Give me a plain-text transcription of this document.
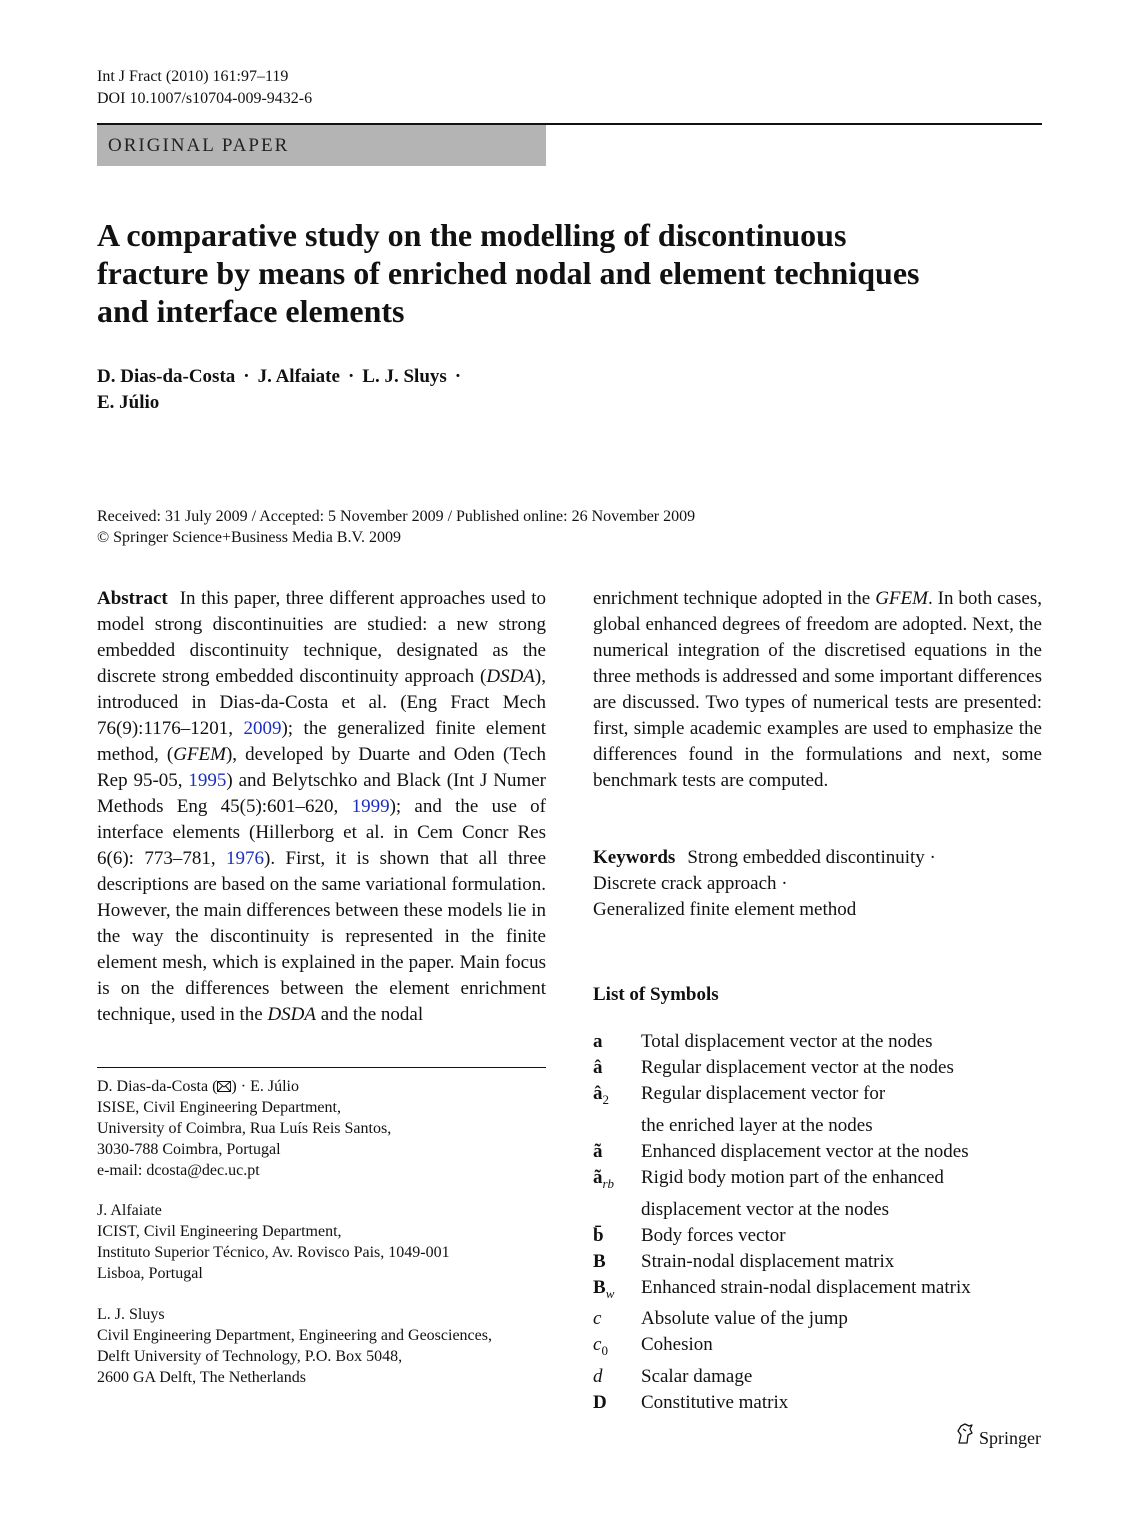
Int J Fract (2010) 161:97–119
DOI 10.1007/s10704-009-9432-6
ORIGINAL PAPER
A comparative study on the modelling of discontinuous
fracture by means of enriched nodal and element techniques
and interface elements
D. Dias-da-Costa · J. Alfaiate · L. J. Sluys ·
E. Júlio
Received: 31 July 2009 / Accepted: 5 November 2009 / Published online: 26 November 2009
© Springer Science+Business Media B.V. 2009
Abstract In this paper, three different approaches used to model strong discontinuities are studied: a new strong embedded discontinuity technique, designated as the discrete strong embedded discontinuity approach (DSDA), introduced in Dias-da-Costa et al. (Eng Fract Mech 76(9):1176–1201, 2009); the generalized finite element method, (GFEM), developed by Duarte and Oden (Tech Rep 95-05, 1995) and Belytschko and Black (Int J Numer Methods Eng 45(5):601–620, 1999); and the use of interface elements (Hillerborg et al. in Cem Concr Res 6(6): 773–781, 1976). First, it is shown that all three descriptions are based on the same variational formulation. However, the main differences between these models lie in the way the discontinuity is represented in the finite element mesh, which is explained in the paper. Main focus is on the differences between the element enrichment technique, used in the DSDA and the nodal
D. Dias-da-Costa ( ) · E. Júlio
ISISE, Civil Engineering Department,
University of Coimbra, Rua Luís Reis Santos,
3030-788 Coimbra, Portugal
e-mail: dcosta@dec.uc.pt
J. Alfaiate
ICIST, Civil Engineering Department,
Instituto Superior Técnico, Av. Rovisco Pais, 1049-001
Lisboa, Portugal
L. J. Sluys
Civil Engineering Department, Engineering and Geosciences,
Delft University of Technology, P.O. Box 5048,
2600 GA Delft, The Netherlands
enrichment technique adopted in the GFEM. In both cases, global enhanced degrees of freedom are adopted. Next, the numerical integration of the discretised equations in the three methods is addressed and some important differences are discussed. Two types of numerical tests are presented: first, simple academic examples are used to emphasize the differences found in the formulations and next, some benchmark tests are computed.
Keywords Strong embedded discontinuity ·
Discrete crack approach ·
Generalized finite element method
List of Symbols
a	Total displacement vector at the nodes
â	Regular displacement vector at the nodes
$â_2$	Regular displacement vector for
the enriched layer at the nodes
ã	Enhanced displacement vector at the nodes
$ã_{rb}$	Rigid body motion part of the enhanced
displacement vector at the nodes
b̄	Body forces vector
B	Strain-nodal displacement matrix
$B_w$	Enhanced strain-nodal displacement matrix
c	Absolute value of the jump
$c_0$	Cohesion
d	Scalar damage
D	Constitutive matrix
Springer
